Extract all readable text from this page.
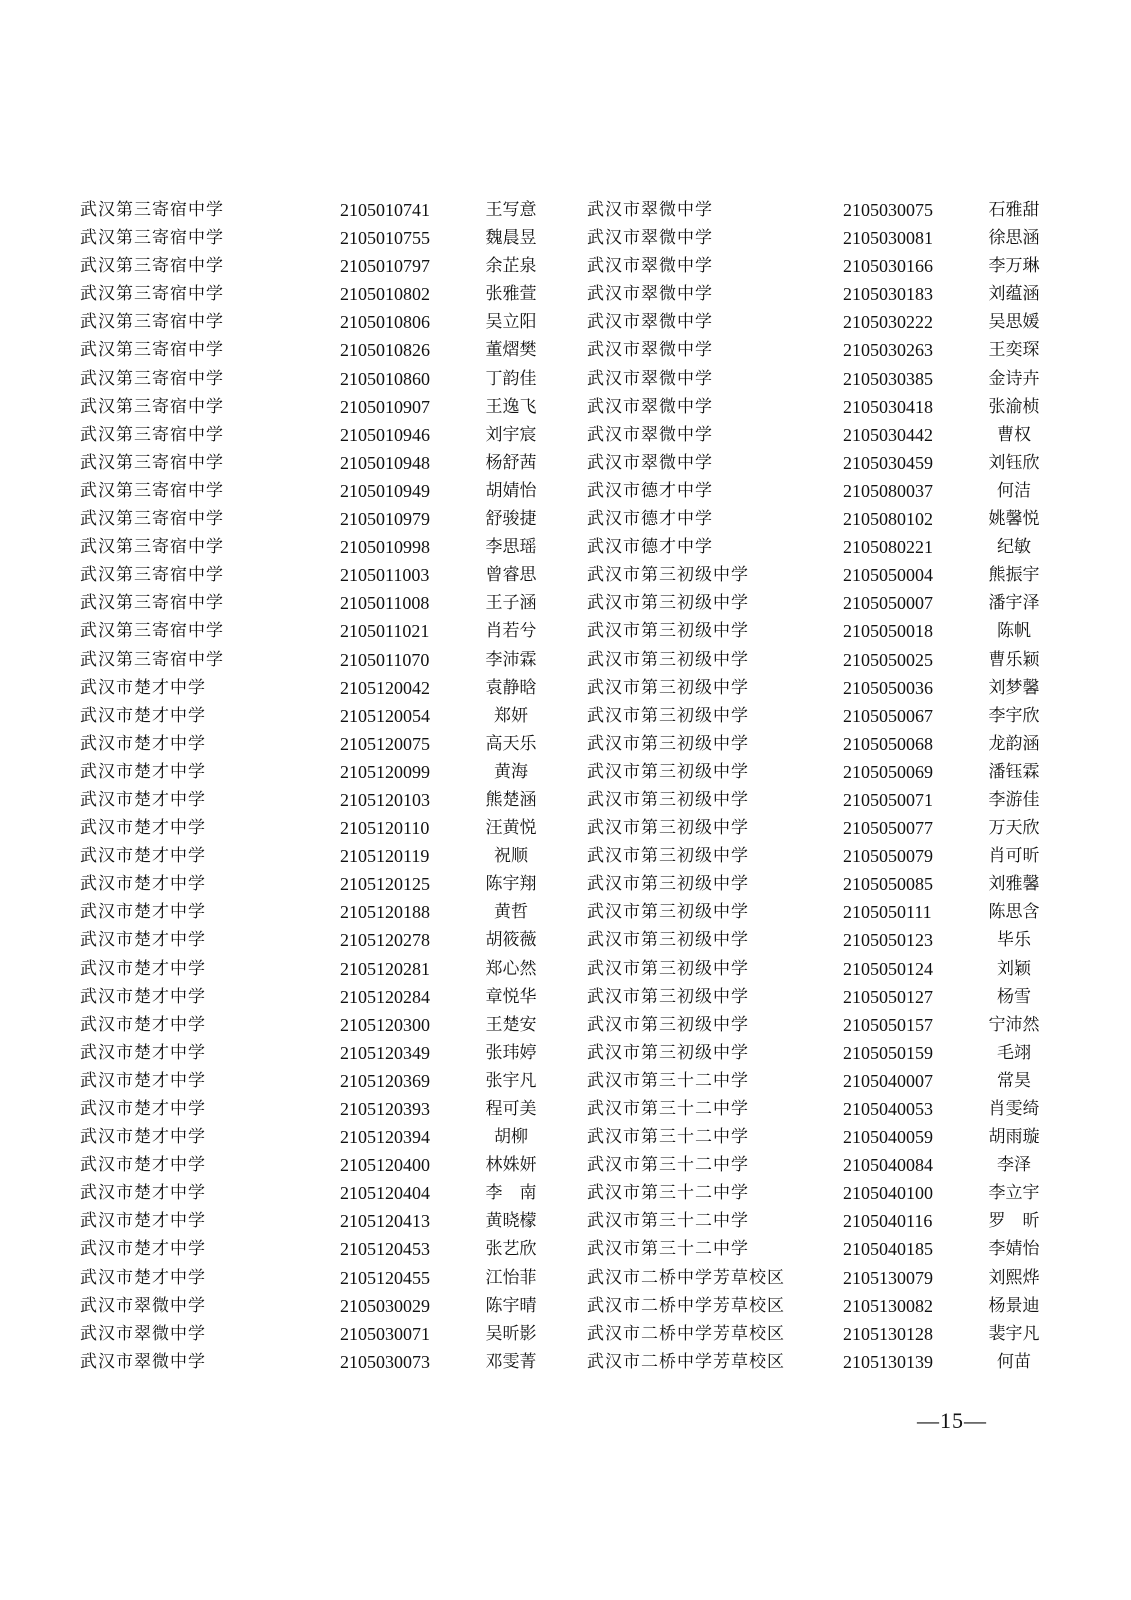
武汉第三寄宿中学	2105010741	王写意	武汉市翠微中学	2105030075	石雅甜
武汉第三寄宿中学	2105010755	魏晨昱	武汉市翠微中学	2105030081	徐思涵
武汉第三寄宿中学	2105010797	余芷泉	武汉市翠微中学	2105030166	李万琳
武汉第三寄宿中学	2105010802	张雅萱	武汉市翠微中学	2105030183	刘蕴涵
武汉第三寄宿中学	2105010806	吴立阳	武汉市翠微中学	2105030222	吴思媛
武汉第三寄宿中学	2105010826	董熠樊	武汉市翠微中学	2105030263	王奕琛
武汉第三寄宿中学	2105010860	丁韵佳	武汉市翠微中学	2105030385	金诗卉
武汉第三寄宿中学	2105010907	王逸飞	武汉市翠微中学	2105030418	张渝桢
武汉第三寄宿中学	2105010946	刘宇宸	武汉市翠微中学	2105030442	曹权
武汉第三寄宿中学	2105010948	杨舒茜	武汉市翠微中学	2105030459	刘钰欣
武汉第三寄宿中学	2105010949	胡婧怡	武汉市德才中学	2105080037	何洁
武汉第三寄宿中学	2105010979	舒骏捷	武汉市德才中学	2105080102	姚馨悦
武汉第三寄宿中学	2105010998	李思瑶	武汉市德才中学	2105080221	纪敏
武汉第三寄宿中学	2105011003	曾睿思	武汉市第三初级中学	2105050004	熊振宇
武汉第三寄宿中学	2105011008	王子涵	武汉市第三初级中学	2105050007	潘宇泽
武汉第三寄宿中学	2105011021	肖若兮	武汉市第三初级中学	2105050018	陈帆
武汉第三寄宿中学	2105011070	李沛霖	武汉市第三初级中学	2105050025	曹乐颖
武汉市楚才中学	2105120042	袁静晗	武汉市第三初级中学	2105050036	刘梦馨
武汉市楚才中学	2105120054	郑妍	武汉市第三初级中学	2105050067	李宇欣
武汉市楚才中学	2105120075	高天乐	武汉市第三初级中学	2105050068	龙韵涵
武汉市楚才中学	2105120099	黄海	武汉市第三初级中学	2105050069	潘钰霖
武汉市楚才中学	2105120103	熊楚涵	武汉市第三初级中学	2105050071	李游佳
武汉市楚才中学	2105120110	汪黄悦	武汉市第三初级中学	2105050077	万天欣
武汉市楚才中学	2105120119	祝顺	武汉市第三初级中学	2105050079	肖可昕
武汉市楚才中学	2105120125	陈宇翔	武汉市第三初级中学	2105050085	刘雅馨
武汉市楚才中学	2105120188	黄哲	武汉市第三初级中学	2105050111	陈思含
武汉市楚才中学	2105120278	胡筱薇	武汉市第三初级中学	2105050123	毕乐
武汉市楚才中学	2105120281	郑心然	武汉市第三初级中学	2105050124	刘颖
武汉市楚才中学	2105120284	章悦华	武汉市第三初级中学	2105050127	杨雪
武汉市楚才中学	2105120300	王楚安	武汉市第三初级中学	2105050157	宁沛然
武汉市楚才中学	2105120349	张玮婷	武汉市第三初级中学	2105050159	毛翊
武汉市楚才中学	2105120369	张宇凡	武汉市第三十二中学	2105040007	常昊
武汉市楚才中学	2105120393	程可美	武汉市第三十二中学	2105040053	肖雯绮
武汉市楚才中学	2105120394	胡柳	武汉市第三十二中学	2105040059	胡雨璇
武汉市楚才中学	2105120400	林姝妍	武汉市第三十二中学	2105040084	李泽
武汉市楚才中学	2105120404	李　南	武汉市第三十二中学	2105040100	李立宇
武汉市楚才中学	2105120413	黄晓檬	武汉市第三十二中学	2105040116	罗　昕
武汉市楚才中学	2105120453	张艺欣	武汉市第三十二中学	2105040185	李婧怡
武汉市楚才中学	2105120455	江怡菲	武汉市二桥中学芳草校区	2105130079	刘熙烨
武汉市翠微中学	2105030029	陈宇晴	武汉市二桥中学芳草校区	2105130082	杨景迪
武汉市翠微中学	2105030071	吴昕影	武汉市二桥中学芳草校区	2105130128	裴宇凡
武汉市翠微中学	2105030073	邓雯菁	武汉市二桥中学芳草校区	2105130139	何苗
—15—
